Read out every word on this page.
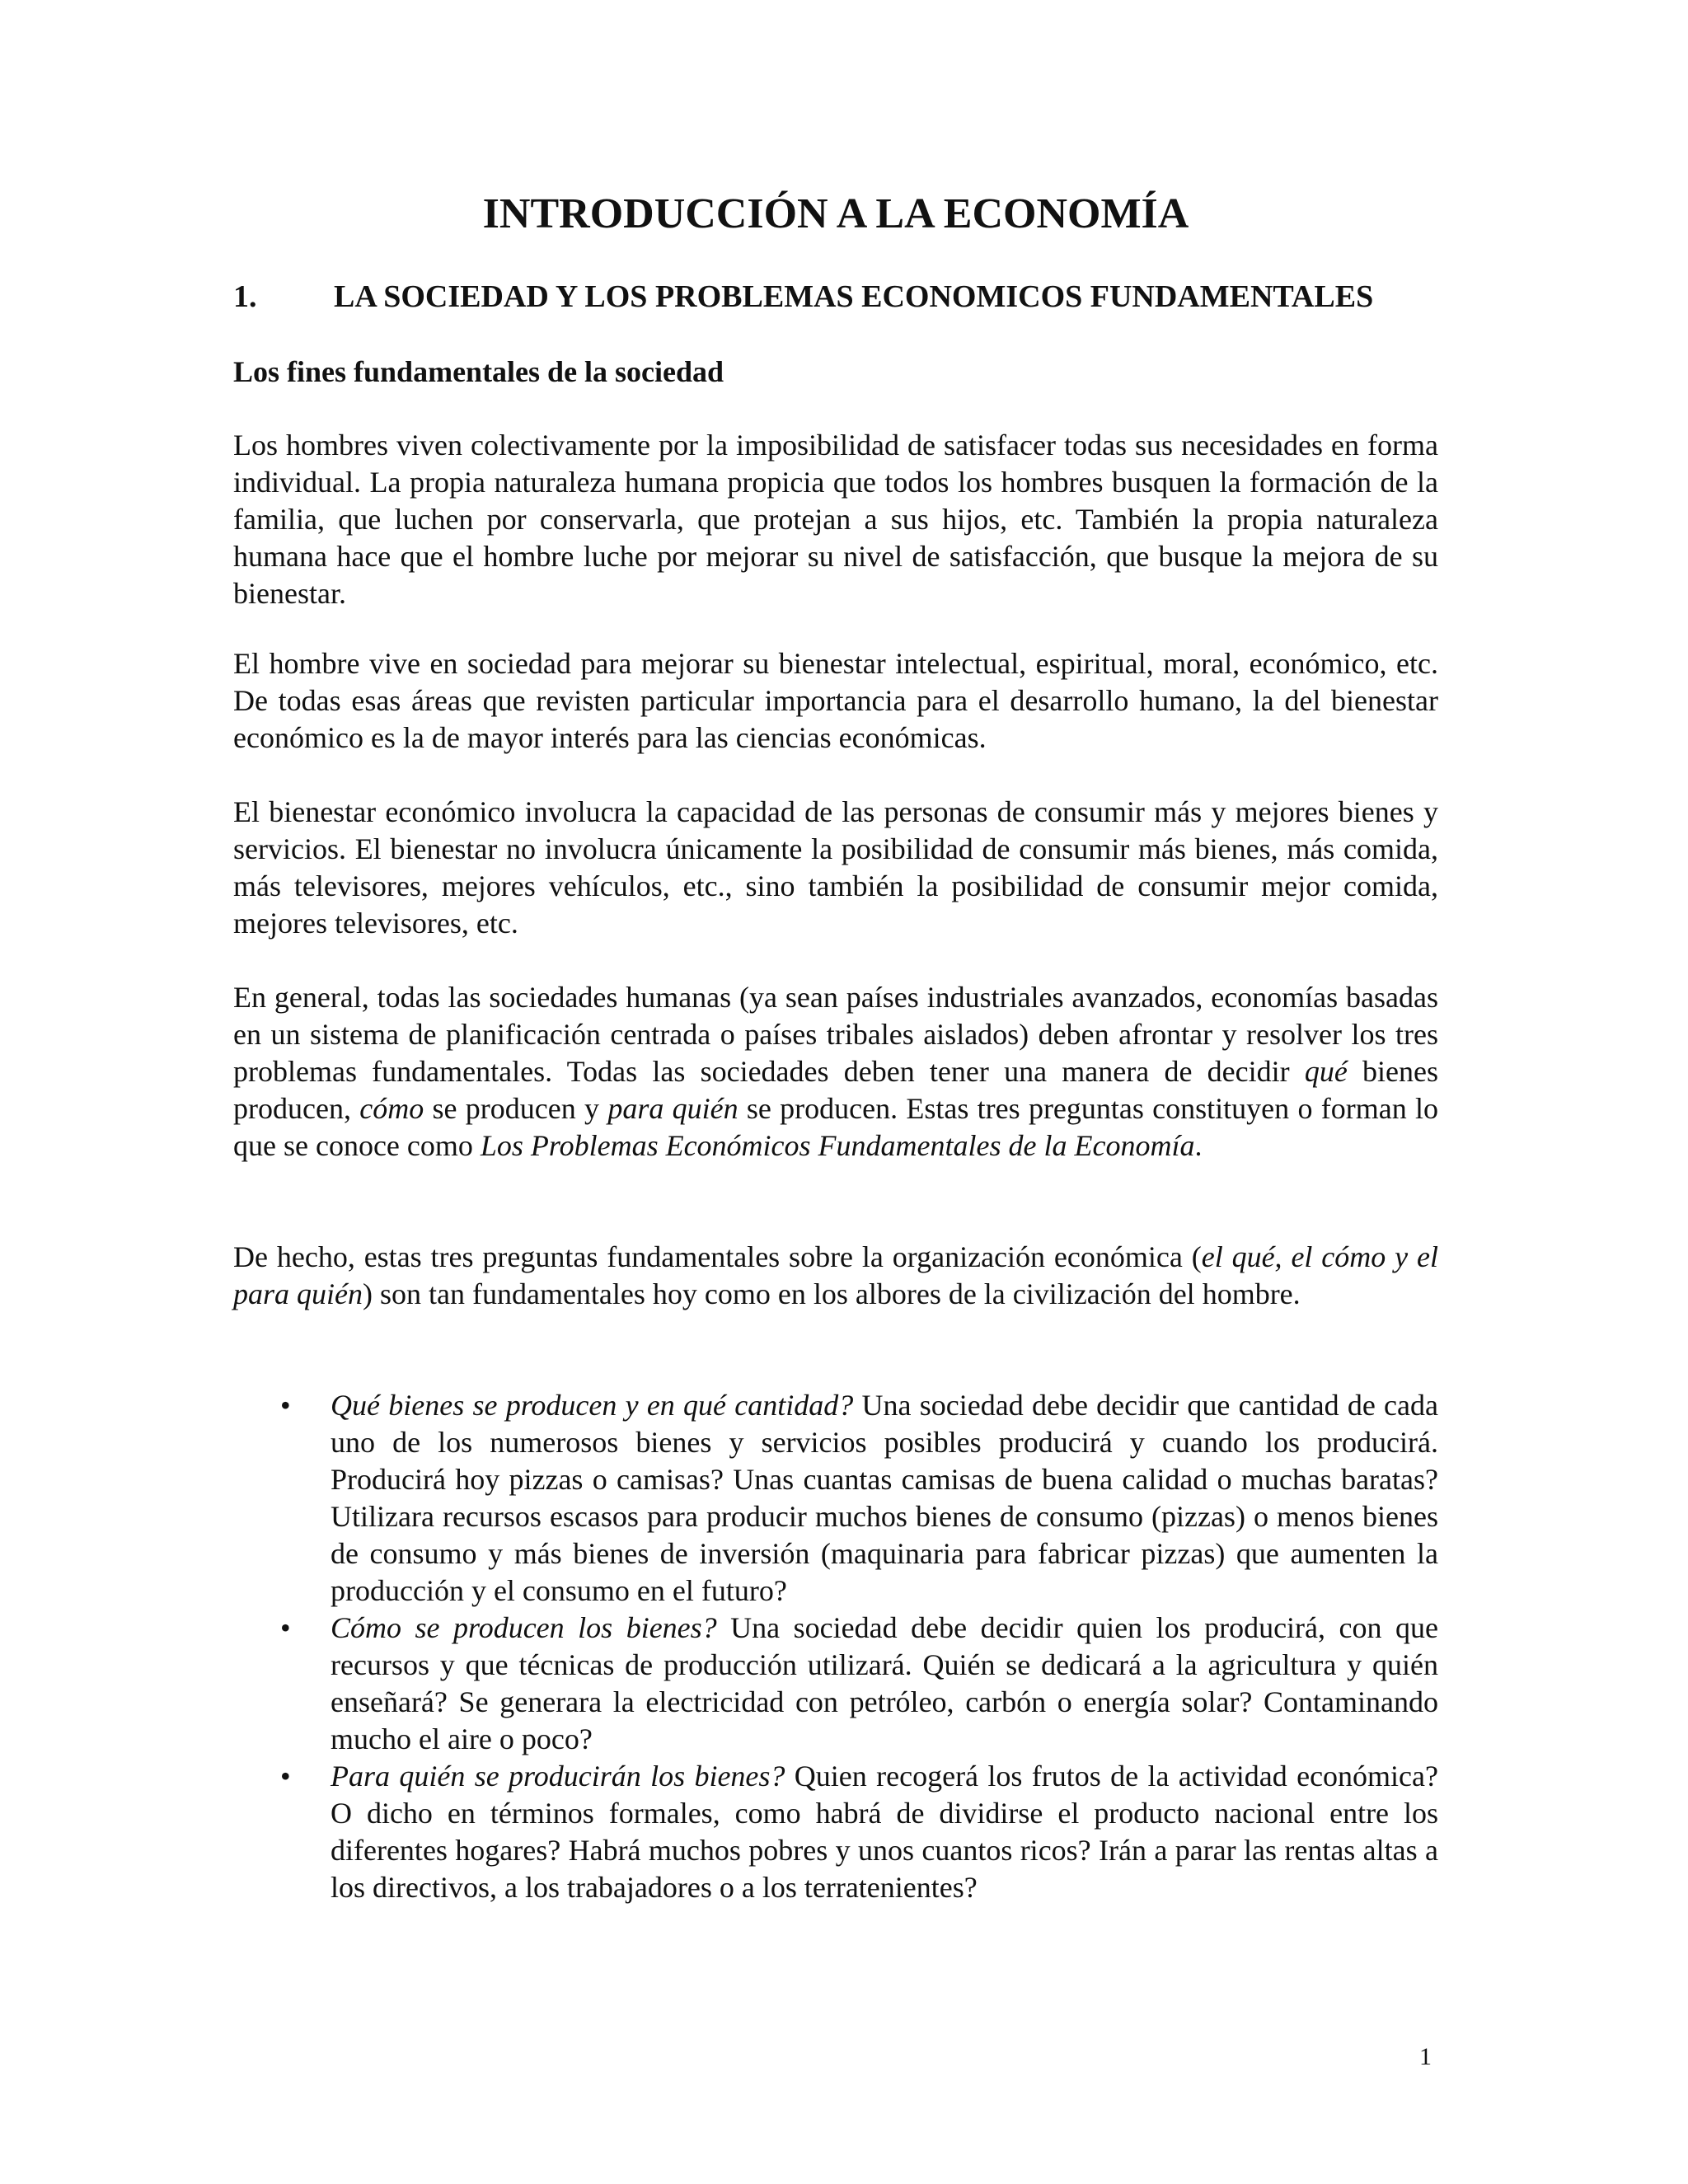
INTRODUCCIÓN A LA ECONOMÍA
1. LA SOCIEDAD Y LOS PROBLEMAS ECONOMICOS FUNDAMENTALES
Los fines fundamentales de la sociedad

Los hombres viven colectivamente por la imposibilidad de satisfacer todas sus necesidades en forma individual. La propia naturaleza humana propicia que todos los hombres busquen la formación de la familia, que luchen por conservarla, que protejan a sus hijos, etc. También la propia naturaleza humana hace que el hombre luche por mejorar su nivel de satisfacción, que busque la mejora de su bienestar.

El hombre vive en sociedad para mejorar su bienestar intelectual, espiritual, moral, económico, etc. De todas esas áreas que revisten particular importancia para el desarrollo humano, la del bienestar económico es la de mayor interés para las ciencias económicas.

El bienestar económico involucra la capacidad de las personas de consumir más y mejores bienes y servicios. El bienestar no involucra únicamente la posibilidad de consumir más bienes, más comida, más televisores, mejores vehículos, etc., sino también la posibilidad de consumir mejor comida, mejores televisores, etc.

En general, todas las sociedades humanas (ya sean países industriales avanzados, economías basadas en un sistema de planificación centrada o países tribales aislados) deben afrontar y resolver los tres problemas fundamentales. Todas las sociedades deben tener una manera de decidir qué bienes producen, cómo se producen y para quién se producen. Estas tres preguntas constituyen o forman lo que se conoce como Los Problemas Económicos Fundamentales de la Economía.

De hecho, estas tres preguntas fundamentales sobre la organización económica (el qué, el cómo y el para quién) son tan fundamentales hoy como en los albores de la civilización del hombre.

• Qué bienes se producen y en qué cantidad? Una sociedad debe decidir que cantidad de cada uno de los numerosos bienes y servicios posibles producirá y cuando los producirá. Producirá hoy pizzas o camisas? Unas cuantas camisas de buena calidad o muchas baratas? Utilizara recursos escasos para producir muchos bienes de consumo (pizzas) o menos bienes de consumo y más bienes de inversión (maquinaria para fabricar pizzas) que aumenten la producción y el consumo en el futuro?
• Cómo se producen los bienes? Una sociedad debe decidir quien los producirá, con que recursos y que técnicas de producción utilizará. Quién se dedicará a la agricultura y quién enseñará? Se generara la electricidad con petróleo, carbón o energía solar? Contaminando mucho el aire o poco?
• Para quién se producirán los bienes? Quien recogerá los frutos de la actividad económica? O dicho en términos formales, como habrá de dividirse el producto nacional entre los diferentes hogares? Habrá muchos pobres y unos cuantos ricos? Irán a parar las rentas altas a los directivos, a los trabajadores o a los terratenientes?

1
